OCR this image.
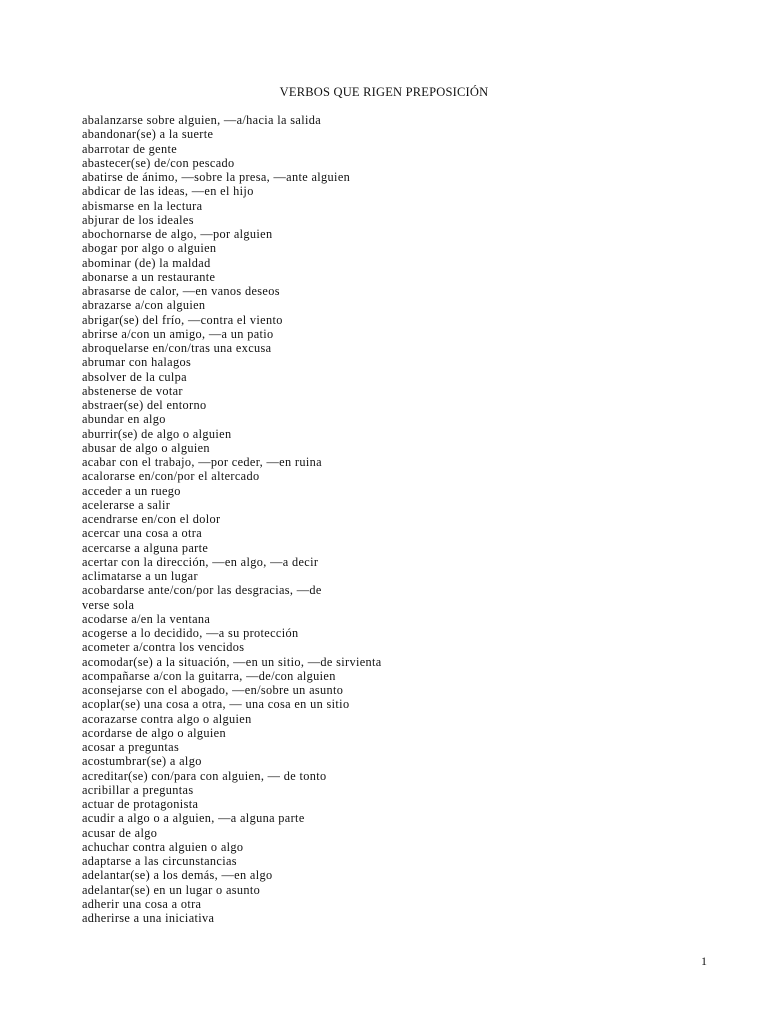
VERBOS QUE RIGEN PREPOSICIÓN
abalanzarse sobre alguien, —a/hacia la salida
abandonar(se) a la suerte
abarrotar de gente
abastecer(se) de/con pescado
abatirse de ánimo, —sobre la presa, —ante alguien
abdicar de las ideas, —en el hijo
abismarse en la lectura
abjurar de los ideales
abochornarse de algo, —por alguien
abogar por algo o alguien
abominar (de) la maldad
abonarse a un restaurante
abrasarse de calor, —en vanos deseos
abrazarse a/con alguien
abrigar(se) del frío, —contra el viento
abrirse a/con un amigo, —a un patio
abroquelarse en/con/tras una excusa
abrumar con halagos
absolver de la culpa
abstenerse de votar
abstraer(se) del entorno
abundar en algo
aburrir(se) de algo o alguien
abusar de algo o alguien
acabar con el trabajo, —por ceder, —en ruina
acalorarse en/con/por el altercado
acceder a un ruego
acelerarse a salir
acendrarse en/con el dolor
acercar una cosa a otra
acercarse a alguna parte
acertar con la dirección, —en algo, —a decir
aclimatarse a un lugar
acobardarse ante/con/por las desgracias, —de
verse sola
acodarse a/en la ventana
acogerse a lo decidido, —a su protección
acometer a/contra los vencidos
acomodar(se) a la situación, —en un sitio, —de sirvienta
acompañarse a/con la guitarra, —de/con alguien
aconsejarse con el abogado, —en/sobre un asunto
acoplar(se) una cosa a otra, — una cosa en un sitio
acorazarse contra algo o alguien
acordarse de algo o alguien
acosar a preguntas
acostumbrar(se) a algo
acreditar(se) con/para con alguien, — de tonto
acribillar a preguntas
actuar de protagonista
acudir a algo o a alguien, —a alguna parte
acusar de algo
achuchar contra alguien o algo
adaptarse a las circunstancias
adelantar(se) a los demás, —en algo
adelantar(se) en un lugar o asunto
adherir una cosa a otra
adherirse a una iniciativa
1
